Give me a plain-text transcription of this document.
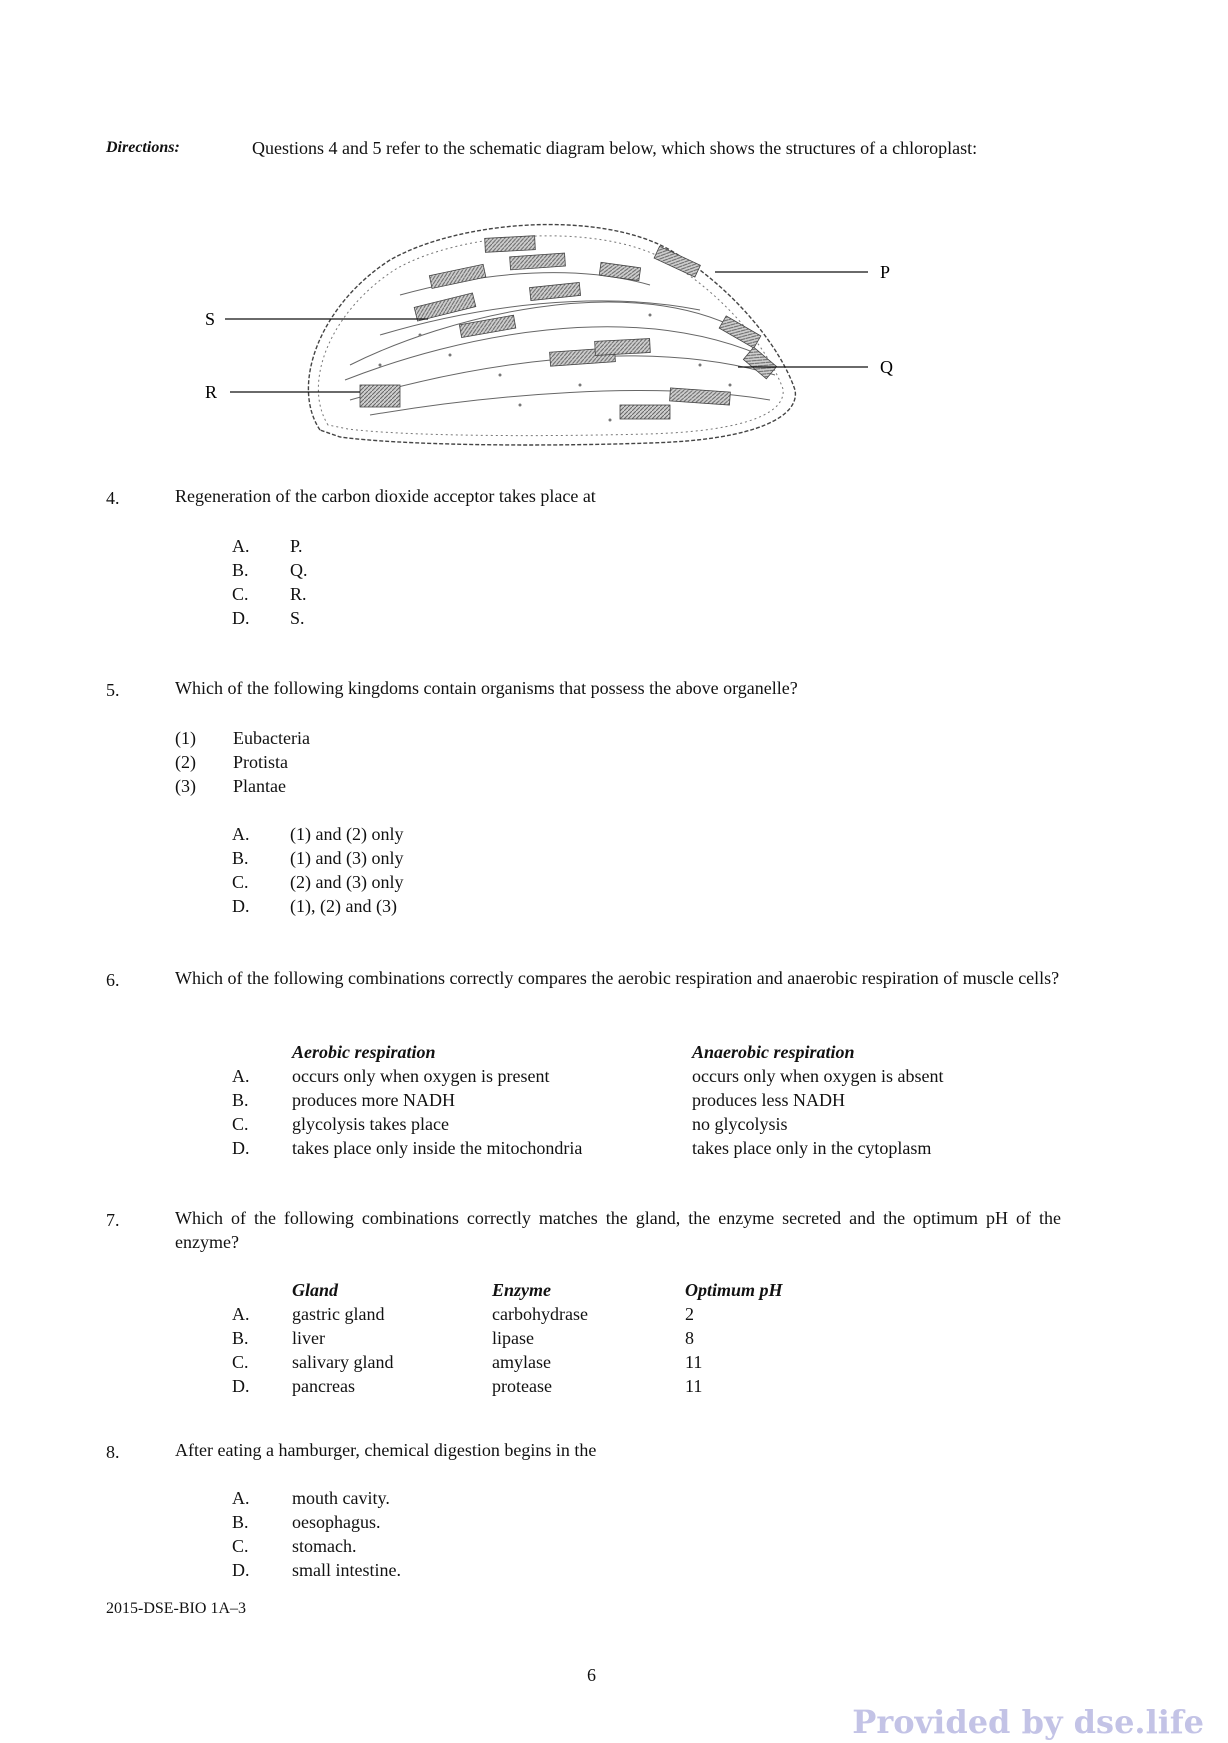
Directions:	Questions 4 and 5 refer to the schematic diagram below, which shows the structures of a chloroplast:
P
Q
S
R
4.	Regeneration of the carbon dioxide acceptor takes place at
A. P.
B. Q.
C. R.
D. S.
5.	Which of the following kingdoms contain organisms that possess the above organelle?
(1) Eubacteria
(2) Protista
(3) Plantae
A. (1) and (2) only
B. (1) and (3) only
C. (2) and (3) only
D. (1), (2) and (3)
6.	Which of the following combinations correctly compares the aerobic respiration and anaerobic respiration of muscle cells?
Aerobic respiration	Anaerobic respiration
A. occurs only when oxygen is present	occurs only when oxygen is absent
B. produces more NADH	produces less NADH
C. glycolysis takes place	no glycolysis
D. takes place only inside the mitochondria	takes place only in the cytoplasm
7.	Which of the following combinations correctly matches the gland, the enzyme secreted and the optimum pH of the enzyme?
Gland	Enzyme	Optimum pH
A. gastric gland	carbohydrase	2
B. liver	lipase	8
C. salivary gland	amylase	11
D. pancreas	protease	11
8.	After eating a hamburger, chemical digestion begins in the
A. mouth cavity.
B. oesophagus.
C. stomach.
D. small intestine.
2015-DSE-BIO 1A–3
6
Provided by dse.life
